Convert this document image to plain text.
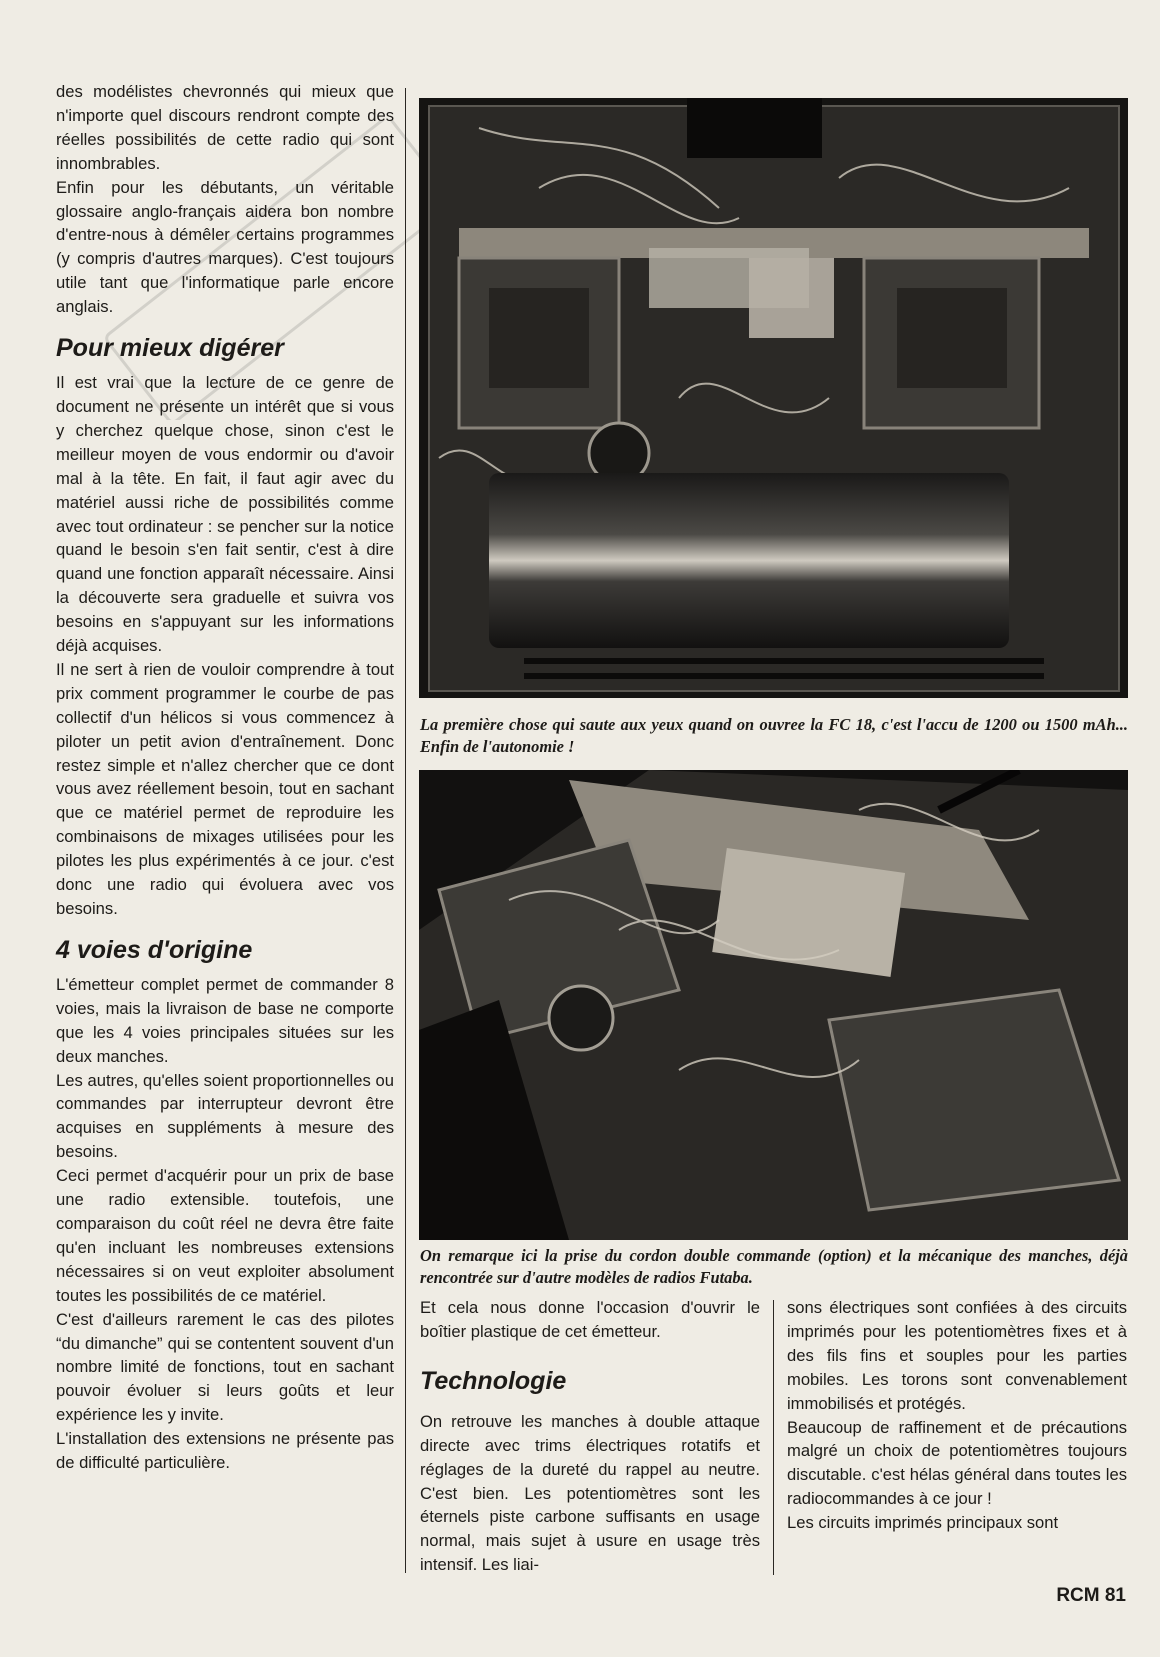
des modélistes chevronnés qui mieux que n'importe quel discours rendront compte des réelles possibilités de cette radio qui sont innombrables.

Enfin pour les débutants, un véritable glossaire anglo-français aidera bon nombre d'entre-nous à démêler certains programmes (y compris d'autres marques). C'est toujours utile tant que l'informatique parle encore anglais.

Pour mieux digérer

Il est vrai que la lecture de ce genre de document ne présente un intérêt que si vous y cherchez quelque chose, sinon c'est le meilleur moyen de vous endormir ou d'avoir mal à la tête. En fait, il faut agir avec du matériel aussi riche de possibilités comme avec tout ordinateur : se pencher sur la notice quand le besoin s'en fait sentir, c'est à dire quand une fonction apparaît nécessaire. Ainsi la découverte sera graduelle et suivra vos besoins en s'appuyant sur les informations déjà acquises.

Il ne sert à rien de vouloir comprendre à tout prix comment programmer le courbe de pas collectif d'un hélicos si vous commencez à piloter un petit avion d'entraînement. Donc restez simple et n'allez chercher que ce dont vous avez réellement besoin, tout en sachant que ce matériel permet de reproduire les combinaisons de mixages utilisées pour les pilotes les plus expérimentés à ce jour. c'est donc une radio qui évoluera avec vos besoins.

4 voies d'origine

L'émetteur complet permet de commander 8 voies, mais la livraison de base ne comporte que les 4 voies principales situées sur les deux manches.

Les autres, qu'elles soient proportionnelles ou commandes par interrupteur devront être acquises en suppléments à mesure des besoins.

Ceci permet d'acquérir pour un prix de base une radio extensible. toutefois, une comparaison du coût réel ne devra être faite qu'en incluant les nombreuses extensions nécessaires si on veut exploiter absolument toutes les possibilités de ce matériel.

C'est d'ailleurs rarement le cas des pilotes “du dimanche” qui se contentent souvent d'un nombre limité de fonctions, tout en sachant pouvoir évoluer si leurs goûts et leur expérience les y invite.

L'installation des extensions ne présente pas de difficulté particulière.

La première chose qui saute aux yeux quand on ouvree la FC 18, c'est l'accu de 1200 ou 1500 mAh... Enfin de l'autonomie !
On remarque ici la prise du cordon double commande (option) et la mécanique des manches, déjà rencontrée sur d'autre modèles de radios Futaba.

Et cela nous donne l'occasion d'ouvrir le boîtier plastique de cet émetteur.

Technologie

On retrouve les manches à double attaque directe avec trims électriques rotatifs et réglages de la dureté du rappel au neutre. C'est bien. Les potentiomètres sont les éternels piste carbone suffisants en usage normal, mais sujet à usure en usage très intensif. Les liai-

sons électriques sont confiées à des circuits imprimés pour les potentiomètres fixes et à des fils fins et souples pour les parties mobiles. Les torons sont convenablement immobilisés et protégés.

Beaucoup de raffinement et de précautions malgré un choix de potentiomètres toujours discutable. c'est hélas général dans toutes les radiocommandes à ce jour !

Les circuits imprimés principaux sont

RCM 81
